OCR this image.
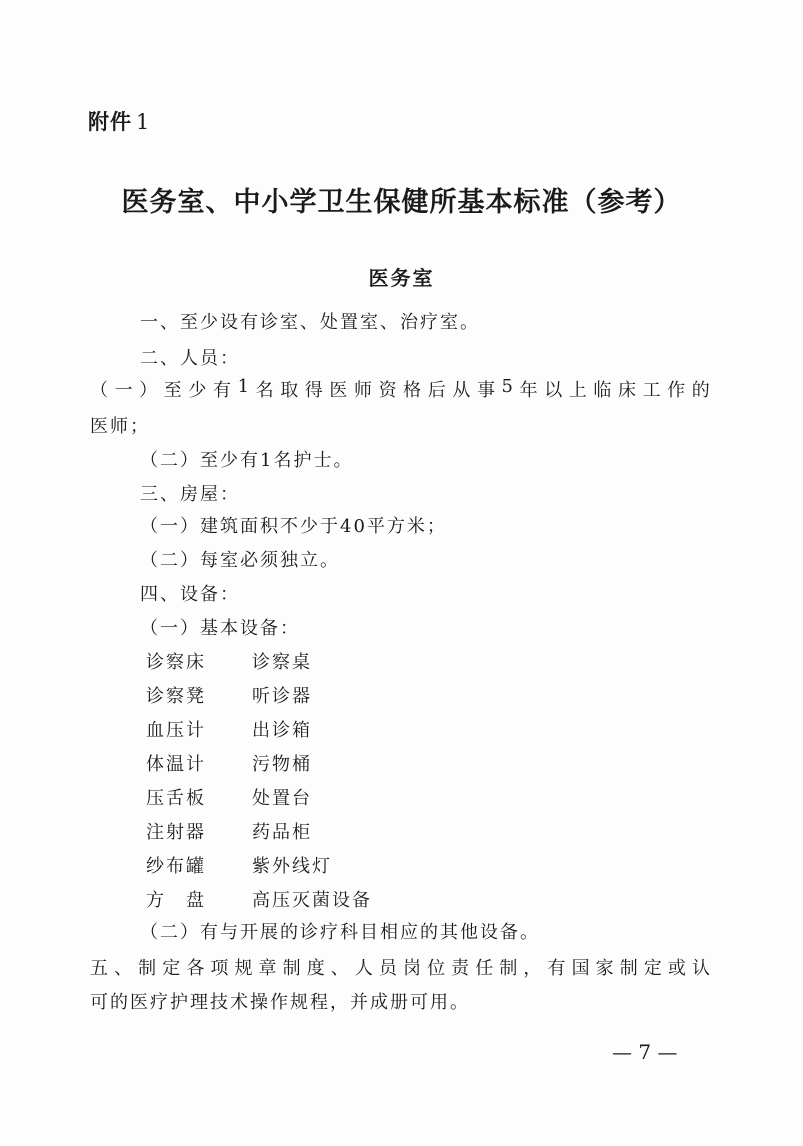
附件 1
医务室、中小学卫生保健所基本标准（参考）
医务室
一、至少设有诊室、处置室、治疗室。
二、人员：
（ 一 ） 至 少 有 1 名 取 得 医 师 资 格 后 从 事 5 年 以 上 临 床 工 作 的
医师；
（二）至少有1名护士。
三、房屋：
（一）建筑面积不少于40平方米；
（二）每室必须独立。
四、设备：
（一）基本设备：
诊察床	诊察桌
诊察凳	听诊器
血压计	出诊箱
体温计	污物桶
压舌板	处置台
注射器	药品柜
纱布罐	紫外线灯
方　盘	高压灭菌设备
（二）有与开展的诊疗科目相应的其他设备。
五 、 制 定 各 项 规 章 制 度 、 人 员 岗 位 责 任 制 ， 有 国 家 制 定 或 认
可的医疗护理技术操作规程，并成册可用。
— 7 —
